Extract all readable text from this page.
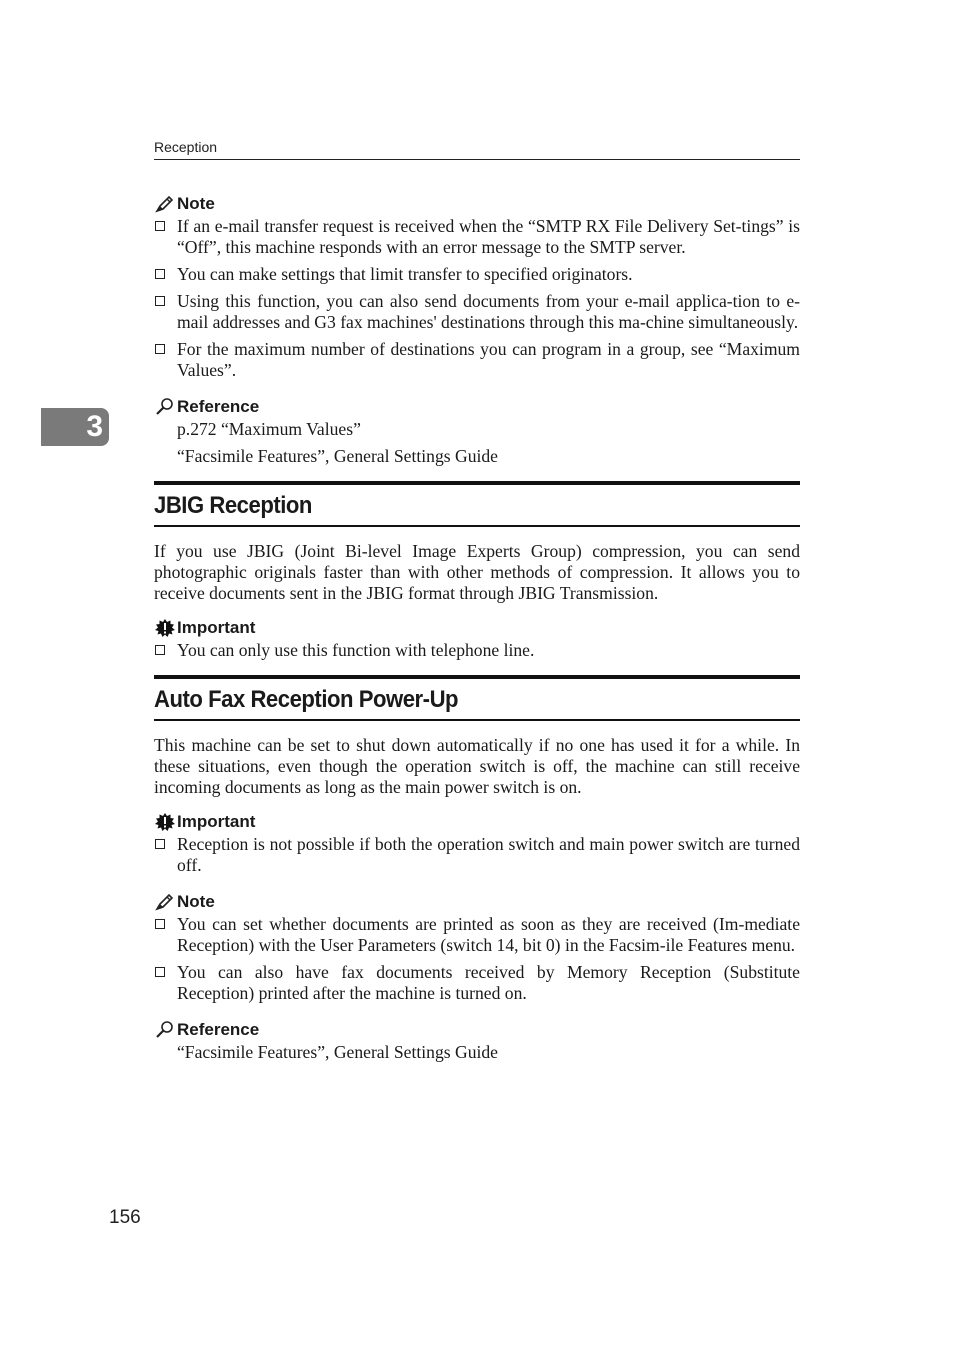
Reception
3
Note
If an e-mail transfer request is received when the “SMTP RX File Delivery Set-tings” is “Off”, this machine responds with an error message to the SMTP server.
You can make settings that limit transfer to specified originators.
Using this function, you can also send documents from your e-mail applica-tion to e-mail addresses and G3 fax machines' destinations through this ma-chine simultaneously.
For the maximum number of destinations you can program in a group, see “Maximum Values”.
Reference
p.272 “Maximum Values”
“Facsimile Features”, General Settings Guide
JBIG Reception

If you use JBIG (Joint Bi-level Image Experts Group) compression, you can send photographic originals faster than with other methods of compression. It allows you to receive documents sent in the JBIG format through JBIG Transmission.

Important
You can only use this function with telephone line.
Auto Fax Reception Power-Up

This machine can be set to shut down automatically if no one has used it for a while. In these situations, even though the operation switch is off, the machine can still receive incoming documents as long as the main power switch is on.

Important
Reception is not possible if both the operation switch and main power switch are turned off.
Note
You can set whether documents are printed as soon as they are received (Im-mediate Reception) with the User Parameters (switch 14, bit 0) in the Facsim-ile Features menu.
You can also have fax documents received by Memory Reception (Substitute Reception) printed after the machine is turned on.
Reference
“Facsimile Features”, General Settings Guide
156
